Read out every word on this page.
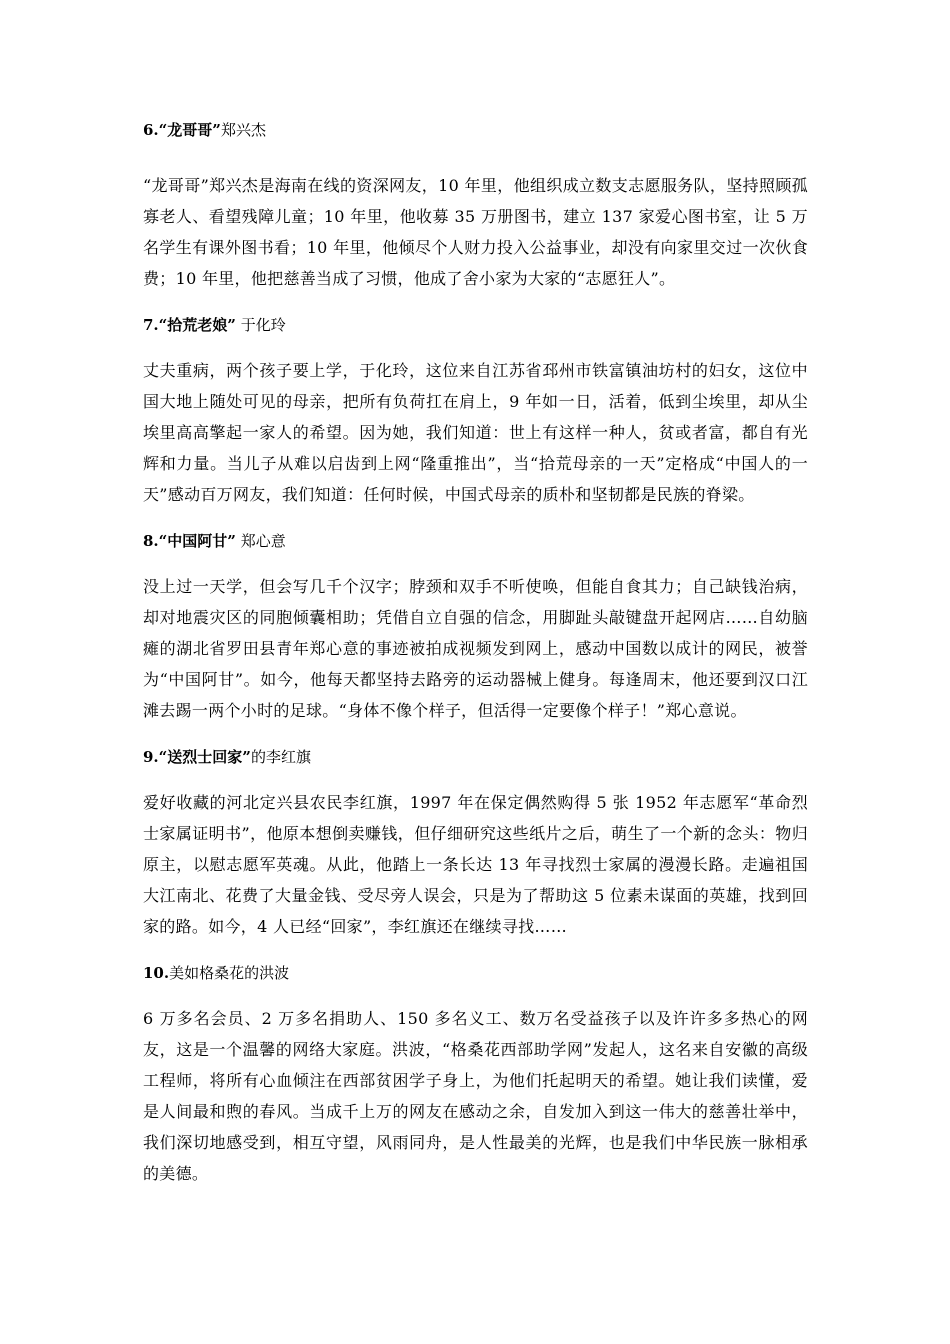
6.“龙哥哥”郑兴杰

“龙哥哥”郑兴杰是海南在线的资深网友，10 年里，他组织成立数支志愿服务队，坚持照顾孤寡老人、看望残障儿童；10 年里，他收募 35 万册图书，建立 137 家爱心图书室，让 5 万名学生有课外图书看；10 年里，他倾尽个人财力投入公益事业，却没有向家里交过一次伙食费；10 年里，他把慈善当成了习惯，他成了舍小家为大家的“志愿狂人”。

7.“拾荒老娘” 于化玲

丈夫重病，两个孩子要上学，于化玲，这位来自江苏省邳州市铁富镇油坊村的妇女，这位中国大地上随处可见的母亲，把所有负荷扛在肩上，9 年如一日，活着，低到尘埃里，却从尘埃里高高擎起一家人的希望。因为她，我们知道：世上有这样一种人，贫或者富，都自有光辉和力量。当儿子从难以启齿到上网“隆重推出”，当“拾荒母亲的一天”定格成“中国人的一天”感动百万网友，我们知道：任何时候，中国式母亲的质朴和坚韧都是民族的脊梁。

8.“中国阿甘” 郑心意

没上过一天学，但会写几千个汉字；脖颈和双手不听使唤，但能自食其力；自己缺钱治病，却对地震灾区的同胞倾囊相助；凭借自立自强的信念，用脚趾头敲键盘开起网店……自幼脑瘫的湖北省罗田县青年郑心意的事迹被拍成视频发到网上，感动中国数以成计的网民，被誉为“中国阿甘”。如今，他每天都坚持去路旁的运动器械上健身。每逢周末，他还要到汉口江滩去踢一两个小时的足球。“身体不像个样子，但活得一定要像个样子！”郑心意说。

9.“送烈士回家”的李红旗

爱好收藏的河北定兴县农民李红旗，1997 年在保定偶然购得 5 张 1952 年志愿军“革命烈士家属证明书”，他原本想倒卖赚钱，但仔细研究这些纸片之后，萌生了一个新的念头：物归原主，以慰志愿军英魂。从此，他踏上一条长达 13 年寻找烈士家属的漫漫长路。走遍祖国大江南北、花费了大量金钱、受尽旁人误会，只是为了帮助这 5 位素未谋面的英雄，找到回家的路。如今，4 人已经“回家”，李红旗还在继续寻找……

10.美如格桑花的洪波

6 万多名会员、2 万多名捐助人、150 多名义工、数万名受益孩子以及许许多多热心的网友，这是一个温馨的网络大家庭。洪波，“格桑花西部助学网”发起人，这名来自安徽的高级工程师，将所有心血倾注在西部贫困学子身上，为他们托起明天的希望。她让我们读懂，爱是人间最和煦的春风。当成千上万的网友在感动之余，自发加入到这一伟大的慈善壮举中，我们深切地感受到，相互守望，风雨同舟，是人性最美的光辉，也是我们中华民族一脉相承的美德。
